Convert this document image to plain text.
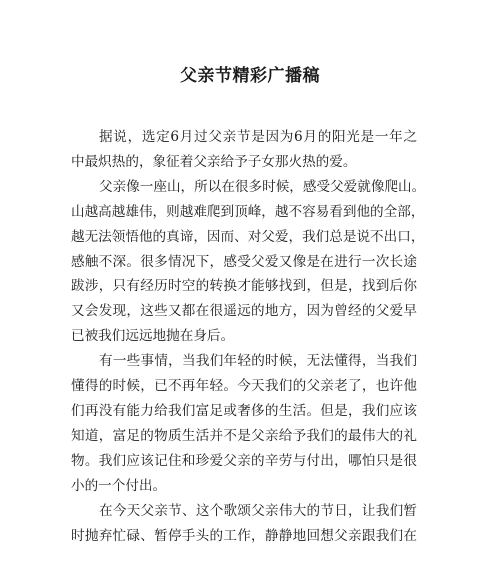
父亲节精彩广播稿

据说，选定6月过父亲节是因为6月的阳光是一年之
中最炽热的，象征着父亲给予子女那火热的爱。

父亲像一座山，所以在很多时候，感受父爱就像爬山。
山越高越雄伟，则越难爬到顶峰，越不容易看到他的全部，
越无法领悟他的真谛，因而、对父爱，我们总是说不出口，
感触不深。很多情况下，感受父爱又像是在进行一次长途
跋涉，只有经历时空的转换才能够找到，但是，找到后你
又会发现，这些又都在很遥远的地方，因为曾经的父爱早
已被我们远远地抛在身后。

有一些事情，当我们年轻的时候，无法懂得，当我们
懂得的时候，已不再年轻。今天我们的父亲老了，也许他
们再没有能力给我们富足或奢侈的生活。但是，我们应该
知道，富足的物质生活并不是父亲给予我们的最伟大的礼
物。我们应该记住和珍爱父亲的辛劳与付出，哪怕只是很
小的一个付出。

在今天父亲节、这个歌颂父亲伟大的节日，让我们暂
时抛弃忙碌、暂停手头的工作，静静地回想父亲跟我们在
